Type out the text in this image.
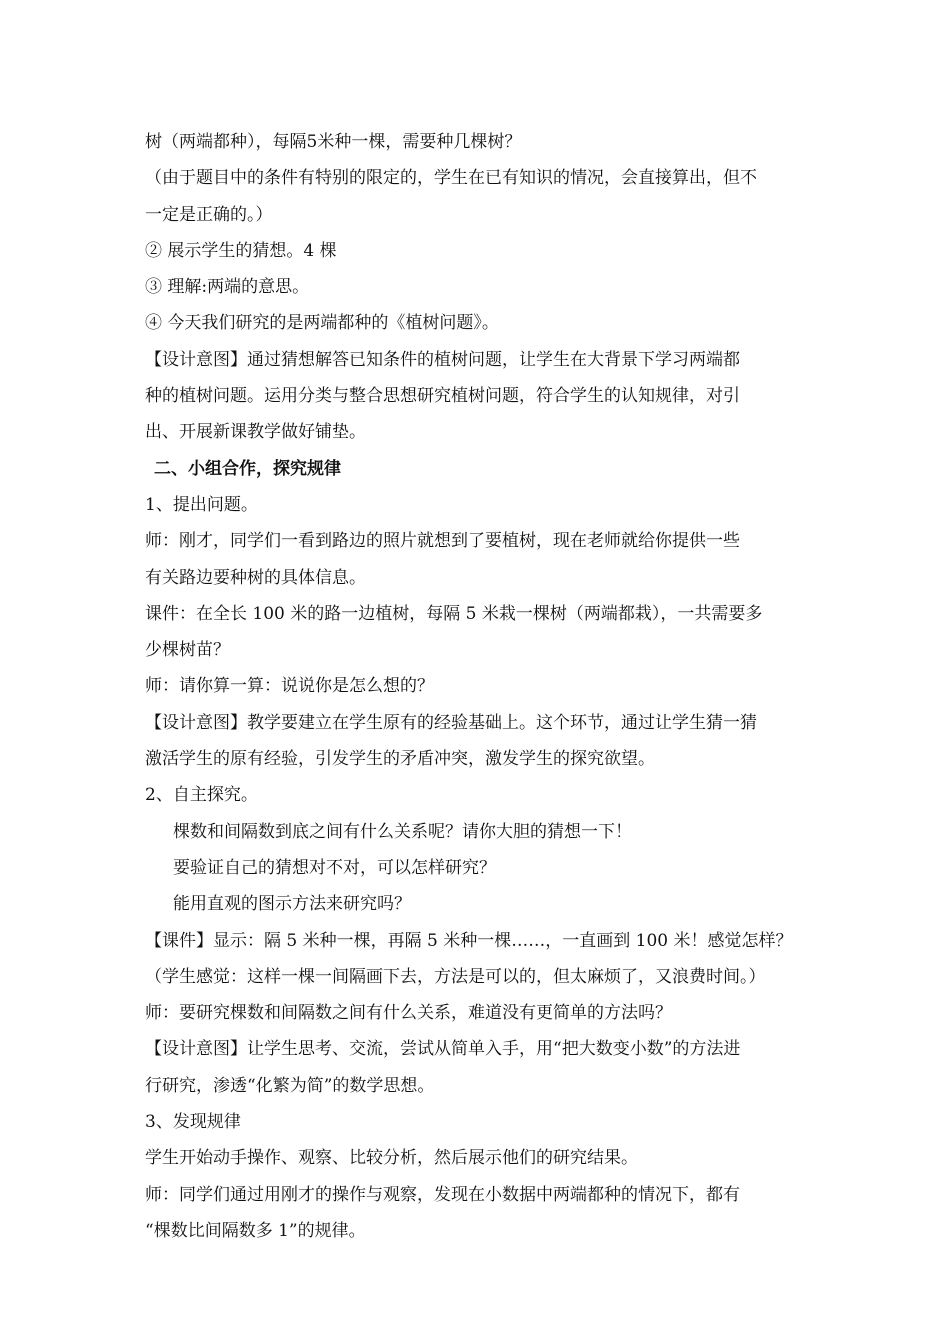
树（两端都种），每隔5米种一棵，需要种几棵树？
（由于题目中的条件有特别的限定的，学生在已有知识的情况，会直接算出，但不
一定是正确的。）
② 展示学生的猜想。4 棵
③ 理解:两端的意思。
④ 今天我们研究的是两端都种的《植树问题》。
【设计意图】通过猜想解答已知条件的植树问题，让学生在大背景下学习两端都
种的植树问题。运用分类与整合思想研究植树问题，符合学生的认知规律，对引
出、开展新课教学做好铺垫。
二、小组合作，探究规律
1、提出问题。
师：刚才，同学们一看到路边的照片就想到了要植树，现在老师就给你提供一些
有关路边要种树的具体信息。
课件：在全长 100 米的路一边植树，每隔 5 米栽一棵树（两端都栽），一共需要多
少棵树苗？
师：请你算一算：说说你是怎么想的？
【设计意图】教学要建立在学生原有的经验基础上。这个环节，通过让学生猜一猜
激活学生的原有经验，引发学生的矛盾冲突，激发学生的探究欲望。
2、自主探究。
棵数和间隔数到底之间有什么关系呢？请你大胆的猜想一下！
要验证自己的猜想对不对，可以怎样研究？
能用直观的图示方法来研究吗？
【课件】显示：隔 5 米种一棵，再隔 5 米种一棵……，一直画到 100 米！感觉怎样？
（学生感觉：这样一棵一间隔画下去，方法是可以的，但太麻烦了，又浪费时间。）
师：要研究棵数和间隔数之间有什么关系，难道没有更简单的方法吗？
【设计意图】让学生思考、交流，尝试从简单入手，用“把大数变小数”的方法进
行研究，渗透“化繁为简”的数学思想。
3、发现规律
学生开始动手操作、观察、比较分析，然后展示他们的研究结果。
师：同学们通过用刚才的操作与观察，发现在小数据中两端都种的情况下，都有
“棵数比间隔数多 1”的规律。
